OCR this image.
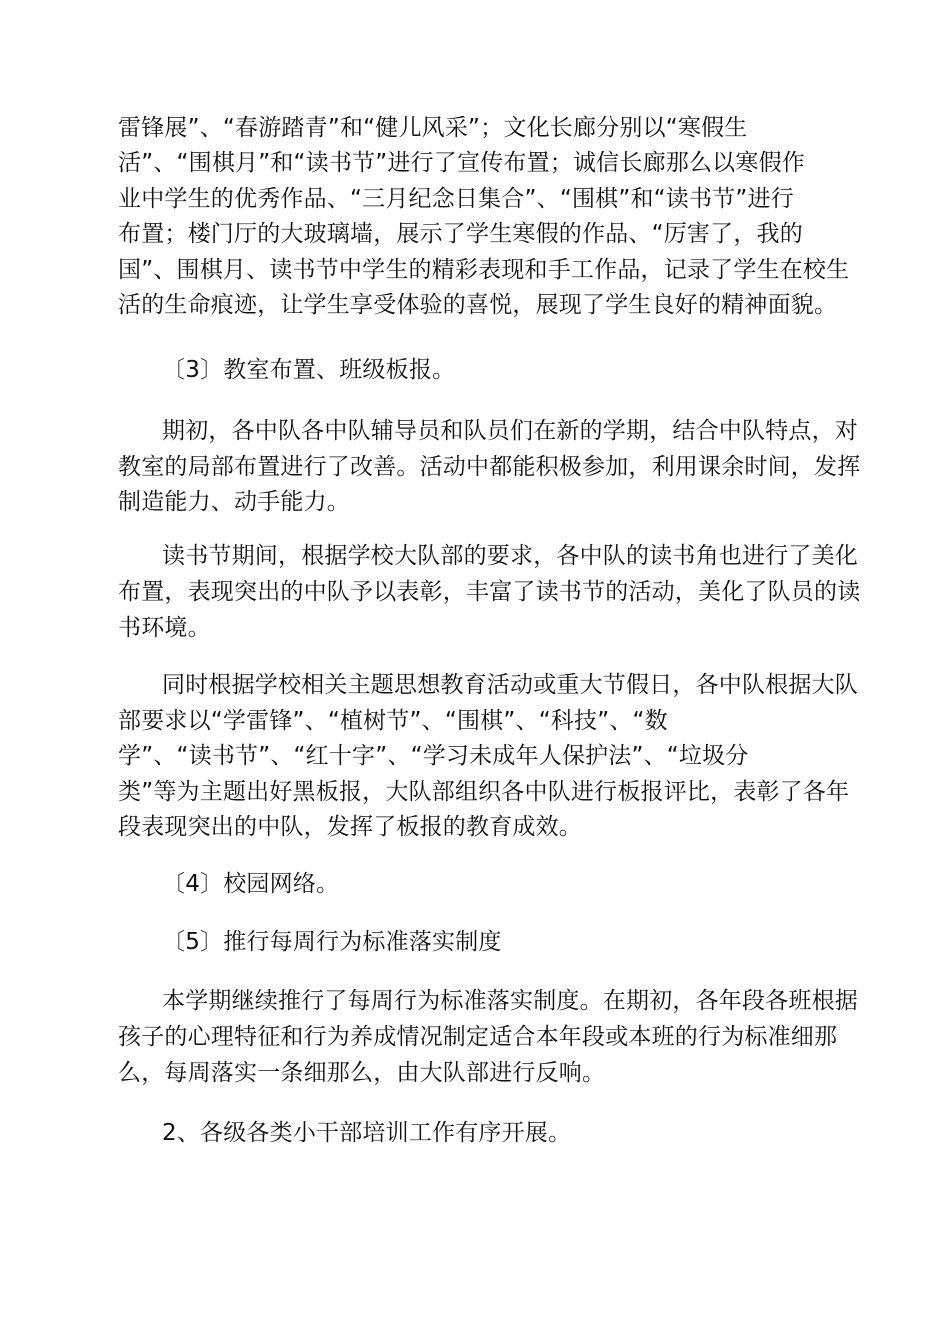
雷锋展”、“春游踏青”和“健儿风采”；文化长廊分别以“寒假生
活”、“围棋月”和“读书节”进行了宣传布置；诚信长廊那么以寒假作
业中学生的优秀作品、“三月纪念日集合”、“围棋”和“读书节”进行
布置；楼门厅的大玻璃墙，展示了学生寒假的作品、“厉害了，我的
国”、围棋月、读书节中学生的精彩表现和手工作品，记录了学生在校生
活的生命痕迹，让学生享受体验的喜悦，展现了学生良好的精神面貌。
〔3〕教室布置、班级板报。
期初，各中队各中队辅导员和队员们在新的学期，结合中队特点，对
教室的局部布置进行了改善。活动中都能积极参加，利用课余时间，发挥
制造能力、动手能力。
读书节期间，根据学校大队部的要求，各中队的读书角也进行了美化
布置，表现突出的中队予以表彰，丰富了读书节的活动，美化了队员的读
书环境。
同时根据学校相关主题思想教育活动或重大节假日，各中队根据大队
部要求以“学雷锋”、“植树节”、“围棋”、“科技”、“数
学”、“读书节”、“红十字”、“学习未成年人保护法”、“垃圾分
类”等为主题出好黑板报，大队部组织各中队进行板报评比，表彰了各年
段表现突出的中队，发挥了板报的教育成效。
〔4〕校园网络。
〔5〕推行每周行为标准落实制度
本学期继续推行了每周行为标准落实制度。在期初，各年段各班根据
孩子的心理特征和行为养成情况制定适合本年段或本班的行为标准细那
么，每周落实一条细那么，由大队部进行反响。
2、各级各类小干部培训工作有序开展。
